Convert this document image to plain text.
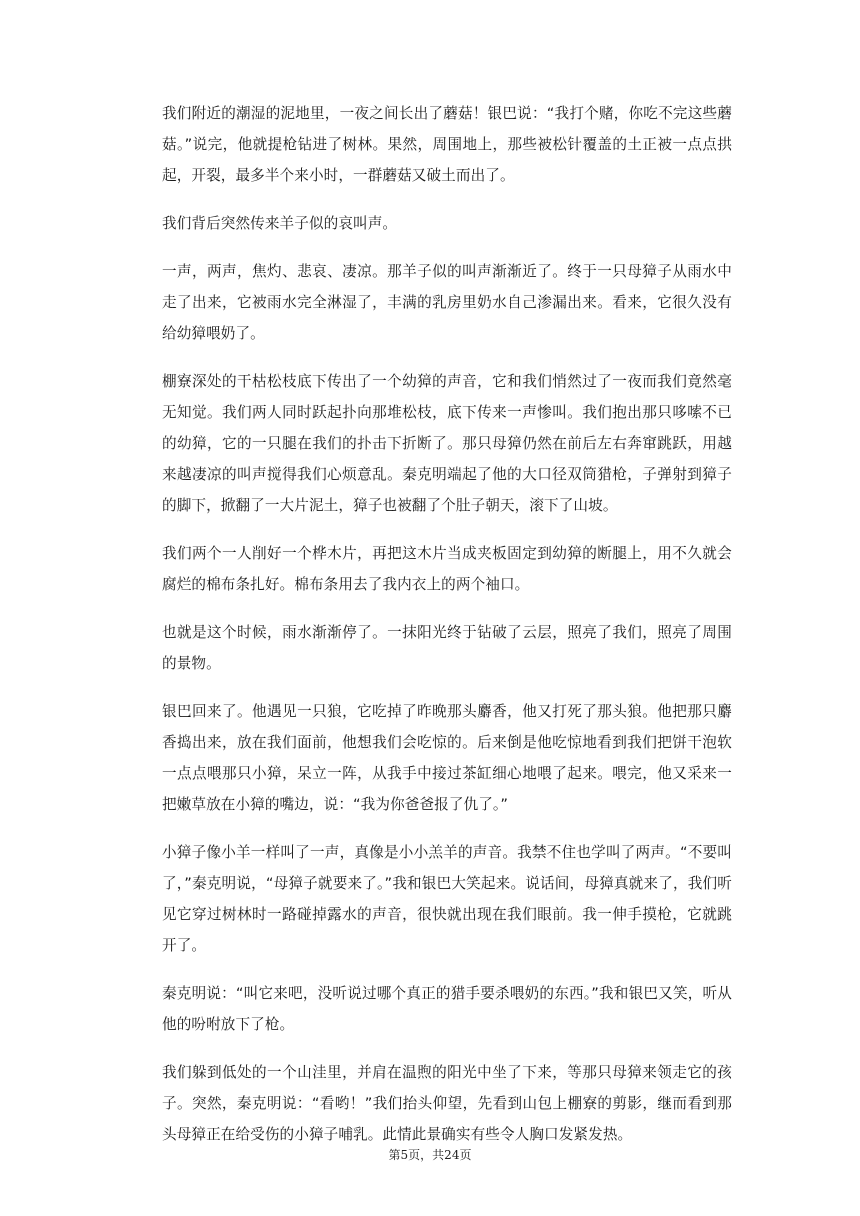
我们附近的潮湿的泥地里，一夜之间长出了蘑菇！银巴说：“我打个赌，你吃不完这些蘑菇。”说完，他就提枪钻进了树林。果然，周围地上，那些被松针覆盖的土正被一点点拱起，开裂，最多半个来小时，一群蘑菇又破土而出了。

我们背后突然传来羊子似的哀叫声。

一声，两声，焦灼、悲哀、凄凉。那羊子似的叫声渐渐近了。终于一只母獐子从雨水中走了出来，它被雨水完全淋湿了，丰满的乳房里奶水自己渗漏出来。看来，它很久没有给幼獐喂奶了。

棚寮深处的干枯松枝底下传出了一个幼獐的声音，它和我们悄然过了一夜而我们竟然毫无知觉。我们两人同时跃起扑向那堆松枝，底下传来一声惨叫。我们抱出那只哆嗦不已的幼獐，它的一只腿在我们的扑击下折断了。那只母獐仍然在前后左右奔窜跳跃，用越来越凄凉的叫声搅得我们心烦意乱。秦克明端起了他的大口径双筒猎枪，子弹射到獐子的脚下，掀翻了一大片泥土，獐子也被翻了个肚子朝天，滚下了山坡。

我们两个一人削好一个桦木片，再把这木片当成夹板固定到幼獐的断腿上，用不久就会腐烂的棉布条扎好。棉布条用去了我内衣上的两个袖口。

也就是这个时候，雨水渐渐停了。一抹阳光终于钻破了云层，照亮了我们，照亮了周围的景物。

银巴回来了。他遇见一只狼，它吃掉了昨晚那头麝香，他又打死了那头狼。他把那只麝香捣出来，放在我们面前，他想我们会吃惊的。后来倒是他吃惊地看到我们把饼干泡软一点点喂那只小獐，呆立一阵，从我手中接过茶缸细心地喂了起来。喂完，他又采来一把嫩草放在小獐的嘴边，说：“我为你爸爸报了仇了。”

小獐子像小羊一样叫了一声，真像是小小羔羊的声音。我禁不住也学叫了两声。“不要叫了，”秦克明说，“母獐子就要来了。”我和银巴大笑起来。说话间，母獐真就来了，我们听见它穿过树林时一路碰掉露水的声音，很快就出现在我们眼前。我一伸手摸枪，它就跳开了。

秦克明说：“叫它来吧，没听说过哪个真正的猎手要杀喂奶的东西。”我和银巴又笑，听从他的吩咐放下了枪。

我们躲到低处的一个山洼里，并肩在温煦的阳光中坐了下来，等那只母獐来领走它的孩子。突然，秦克明说：“看哟！”我们抬头仰望，先看到山包上棚寮的剪影，继而看到那头母獐正在给受伤的小獐子哺乳。此情此景确实有些令人胸口发紧发热。

第5页，共24页
